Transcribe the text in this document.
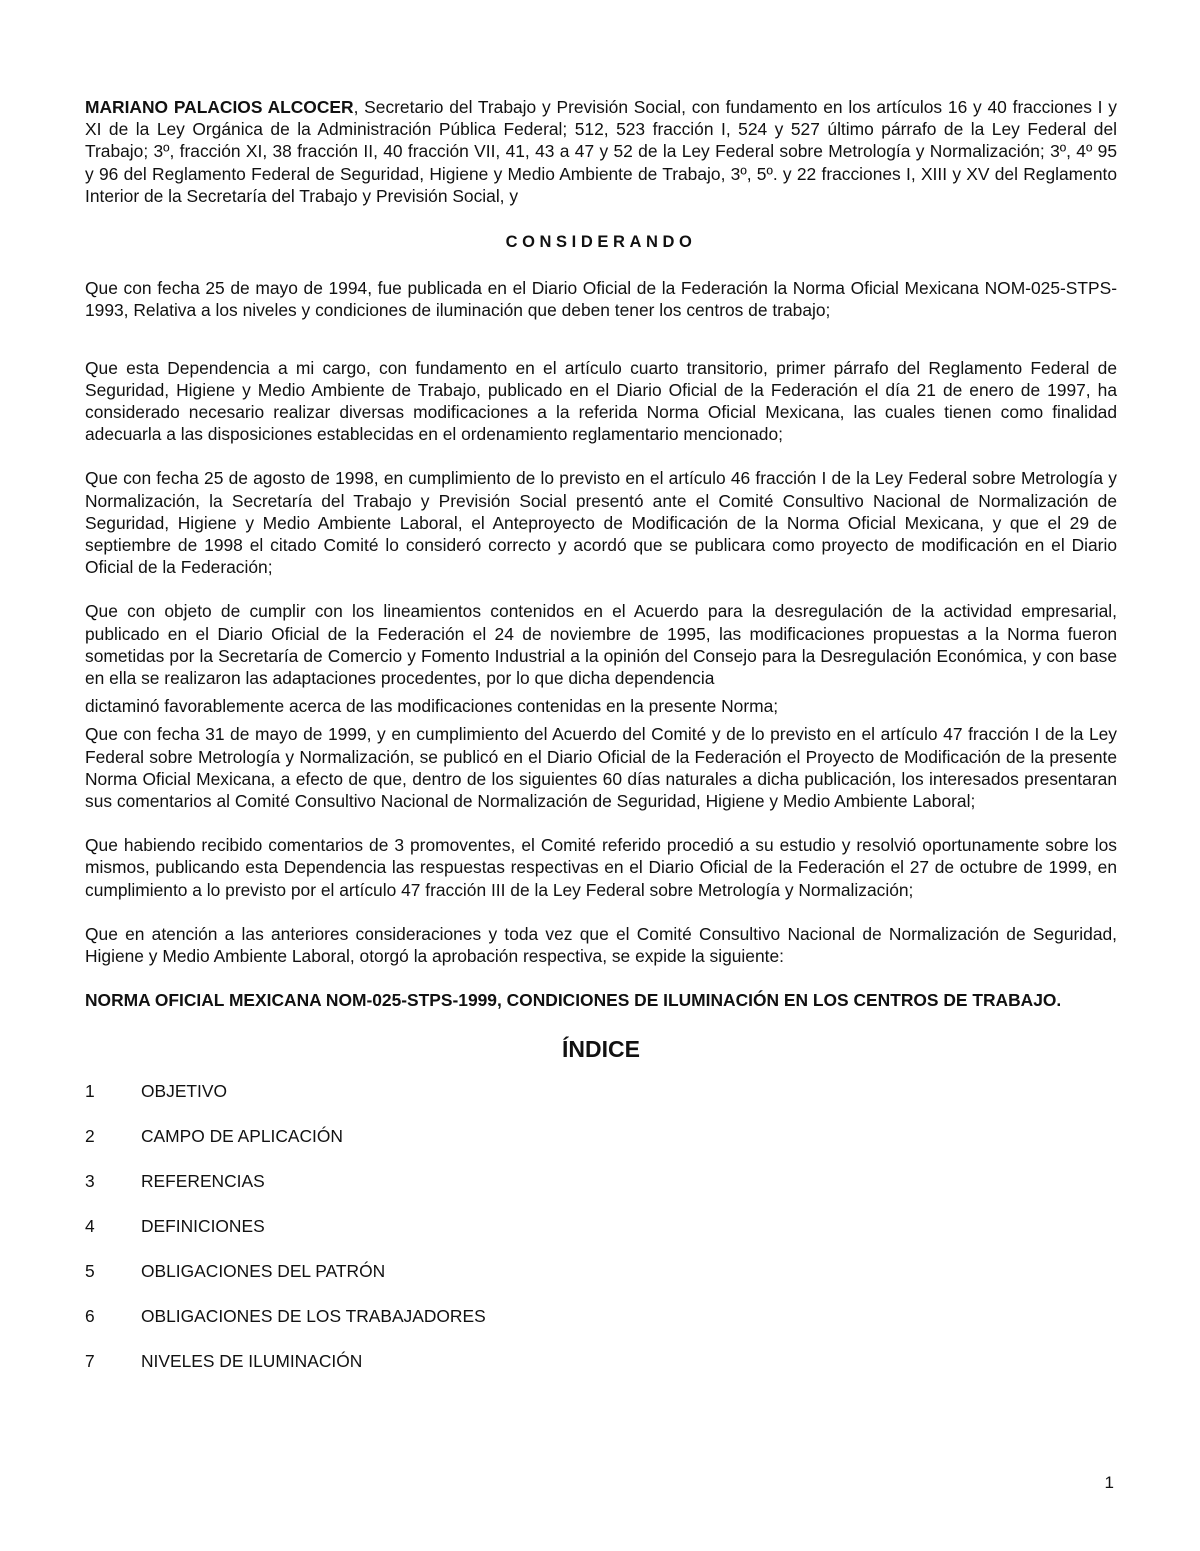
MARIANO PALACIOS ALCOCER, Secretario del Trabajo y Previsión Social, con fundamento en los artículos 16 y 40 fracciones I y XI de la Ley Orgánica de la Administración Pública Federal; 512, 523 fracción I, 524 y 527 último párrafo de la Ley Federal del Trabajo; 3º, fracción XI, 38 fracción II, 40 fracción VII, 41, 43 a 47 y 52 de la Ley Federal sobre Metrología y Normalización; 3º, 4º 95 y 96 del Reglamento Federal de Seguridad, Higiene y Medio Ambiente de Trabajo, 3º, 5º. y 22 fracciones I, XIII y XV del Reglamento Interior de la Secretaría del Trabajo y Previsión Social, y

CONSIDERANDO

Que con fecha 25 de mayo de 1994, fue publicada en el Diario Oficial de la Federación la Norma Oficial Mexicana NOM-025-STPS-1993, Relativa a los niveles y condiciones de iluminación que deben tener los centros de trabajo;

Que esta Dependencia a mi cargo, con fundamento en el artículo cuarto transitorio, primer párrafo del Reglamento Federal de Seguridad, Higiene y Medio Ambiente de Trabajo, publicado en el Diario Oficial de la Federación el día 21 de enero de 1997, ha considerado necesario realizar diversas modificaciones a la referida Norma Oficial Mexicana, las cuales tienen como finalidad adecuarla a las disposiciones establecidas en el ordenamiento reglamentario mencionado;

Que con fecha 25 de agosto de 1998, en cumplimiento de lo previsto en el artículo 46 fracción I de la Ley Federal sobre Metrología y Normalización, la Secretaría del Trabajo y Previsión Social presentó ante el Comité Consultivo Nacional de Normalización de Seguridad, Higiene y Medio Ambiente Laboral, el Anteproyecto de Modificación de la Norma Oficial Mexicana, y que el 29 de septiembre de 1998 el citado Comité lo consideró correcto y acordó que se publicara como proyecto de modificación en el Diario Oficial de la Federación;

Que con objeto de cumplir con los lineamientos contenidos en el Acuerdo para la desregulación de la actividad empresarial, publicado en el Diario Oficial de la Federación el 24 de noviembre de 1995, las modificaciones propuestas a la Norma fueron sometidas por la Secretaría de Comercio y Fomento Industrial a la opinión del Consejo para la Desregulación Económica, y con base en ella se realizaron las adaptaciones procedentes, por lo que dicha dependencia

dictaminó favorablemente acerca de las modificaciones contenidas en la presente Norma;

Que con fecha 31 de mayo de 1999, y en cumplimiento del Acuerdo del Comité y de lo previsto en el artículo 47 fracción I de la Ley Federal sobre Metrología y Normalización, se publicó en el Diario Oficial de la Federación el Proyecto de Modificación de la presente Norma Oficial Mexicana, a efecto de que, dentro de los siguientes 60 días naturales a dicha publicación, los interesados presentaran sus comentarios al Comité Consultivo Nacional de Normalización de Seguridad, Higiene y Medio Ambiente Laboral;

Que habiendo recibido comentarios de 3 promoventes, el Comité referido procedió a su estudio y resolvió oportunamente sobre los mismos, publicando esta Dependencia las respuestas respectivas en el Diario Oficial de la Federación el 27 de octubre de 1999, en cumplimiento a lo previsto por el artículo 47 fracción III de la Ley Federal sobre Metrología y Normalización;

Que en atención a las anteriores consideraciones y toda vez que el Comité Consultivo Nacional de Normalización de Seguridad, Higiene y Medio Ambiente Laboral, otorgó la aprobación respectiva, se expide la siguiente:

NORMA OFICIAL MEXICANA NOM-025-STPS-1999, CONDICIONES DE ILUMINACIÓN EN LOS CENTROS DE TRABAJO.

ÍNDICE

1	OBJETIVO
2	CAMPO DE APLICACIÓN
3	REFERENCIAS
4	DEFINICIONES
5	OBLIGACIONES DEL PATRÓN
6	OBLIGACIONES DE LOS TRABAJADORES
7	NIVELES DE ILUMINACIÓN
1
